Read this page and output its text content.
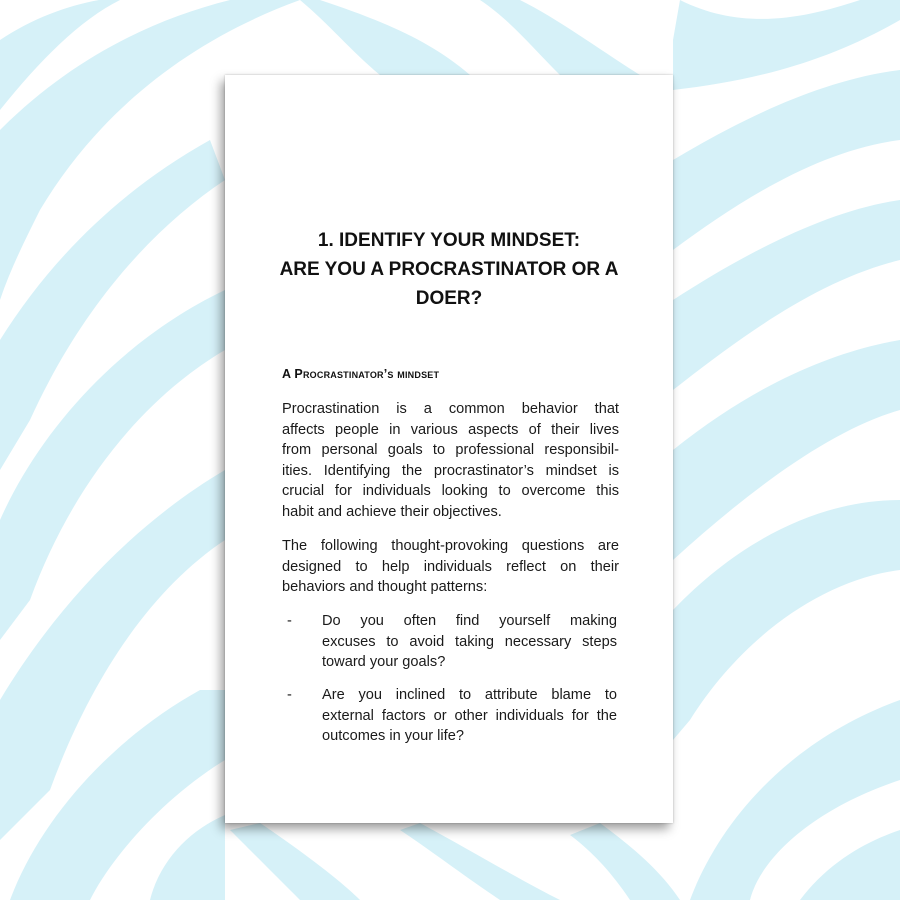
1. IDENTIFY YOUR MINDSET:
ARE YOU A PROCRASTINATOR OR A
DOER?
A Procrastinator’s mindset
Procrastination is a common behavior that
affects people in various aspects of their lives
from personal goals to professional responsibil-
ities. Identifying the procrastinator’s mindset is
crucial for individuals looking to overcome this
habit and achieve their objectives.
The following thought-provoking questions are
designed to help individuals reflect on their
behaviors and thought patterns:
- Do you often find yourself making
excuses to avoid taking necessary steps
toward your goals?
- Are you inclined to attribute blame to
external factors or other individuals for the
outcomes in your life?
